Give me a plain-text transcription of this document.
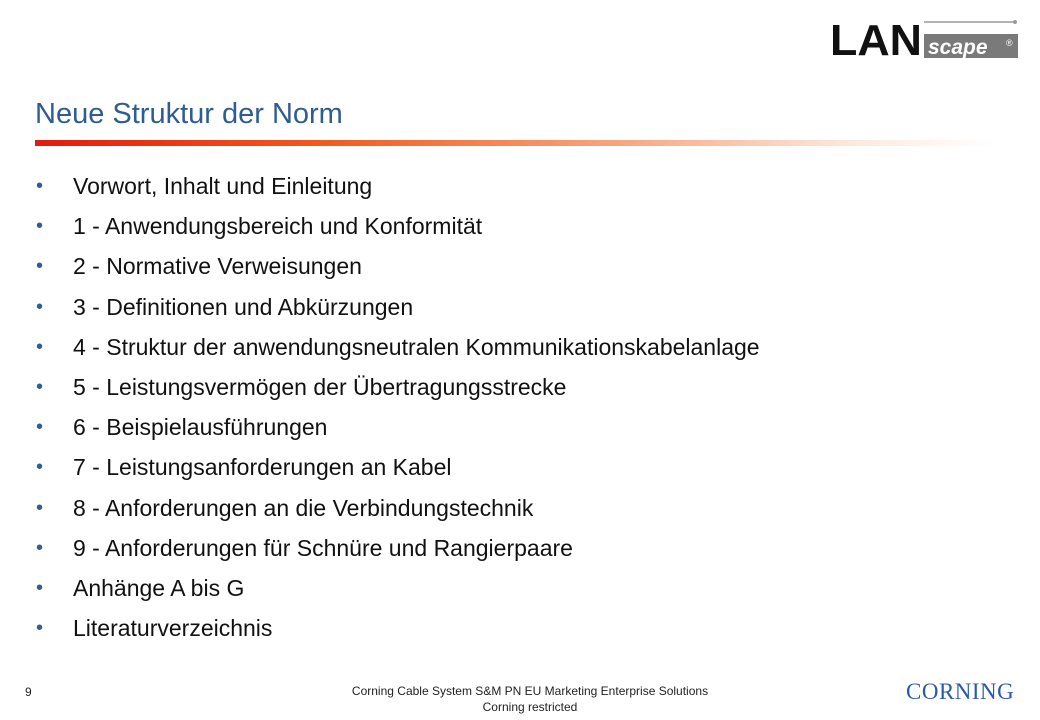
LAN scape ®
Neue Struktur der Norm
• Vorwort, Inhalt und Einleitung
• 1 - Anwendungsbereich und Konformität
• 2 - Normative Verweisungen
• 3 - Definitionen und Abkürzungen
• 4 - Struktur der anwendungsneutralen Kommunikationskabelanlage
• 5 - Leistungsvermögen der Übertragungsstrecke
• 6 - Beispielausführungen
• 7 - Leistungsanforderungen an Kabel
• 8 - Anforderungen an die Verbindungstechnik
• 9 - Anforderungen für Schnüre und Rangierpaare
• Anhänge A bis G
• Literaturverzeichnis
9	Corning Cable System S&M PN EU Marketing Enterprise Solutions
Corning restricted
CORNING
